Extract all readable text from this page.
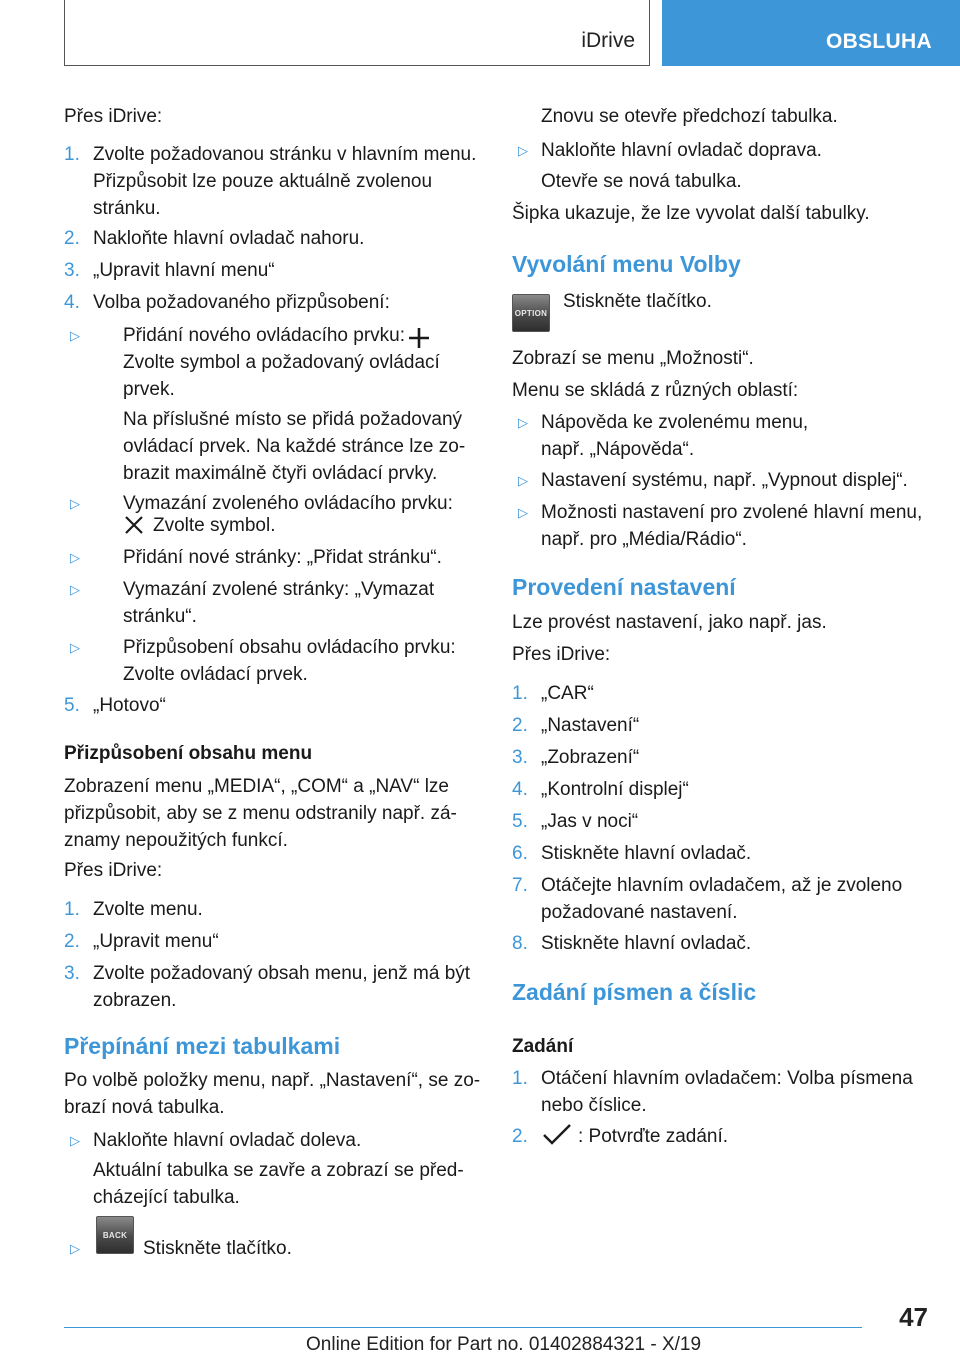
iDrive	OBSLUHA
Přes iDrive:
1. Zvolte požadovanou stránku v hlavním menu.
Přizpůsobit lze pouze aktuálně zvolenou
stránku.
2. Nakloňte hlavní ovladač nahoru.
3. „Upravit hlavní menu“
4. Volba požadovaného přizpůsobení:
▷ Přidání nového ovládacího prvku:
Zvolte symbol a požadovaný ovládací
prvek.
Na příslušné místo se přidá požadovaný
ovládací prvek. Na každé stránce lze zo-
brazit maximálně čtyři ovládací prvky.
▷ Vymazání zvoleného ovládacího prvku:
Zvolte symbol.
▷ Přidání nové stránky: „Přidat stránku“.
▷ Vymazání zvolené stránky: „Vymazat
stránku“.
▷ Přizpůsobení obsahu ovládacího prvku:
Zvolte ovládací prvek.
5. „Hotovo“
Přizpůsobení obsahu menu
Zobrazení menu „MEDIA“, „COM“ a „NAV“ lze
přizpůsobit, aby se z menu odstranily např. zá-
znamy nepoužitých funkcí.
Přes iDrive:
1. Zvolte menu.
2. „Upravit menu“
3. Zvolte požadovaný obsah menu, jenž má být
zobrazen.
Přepínání mezi tabulkami
Po volbě položky menu, např. „Nastavení“, se zo-
brazí nová tabulka.
▷ Nakloňte hlavní ovladač doleva.
Aktuální tabulka se zavře a zobrazí se před-
cházející tabulka.
▷
BACK
Stiskněte tlačítko.
Znovu se otevře předchozí tabulka.
▷ Nakloňte hlavní ovladač doprava.
Otevře se nová tabulka.
Šipka ukazuje, že lze vyvolat další tabulky.
Vyvolání menu Volby
OPTION
Stiskněte tlačítko.
Zobrazí se menu „Možnosti“.
Menu se skládá z různých oblastí:
▷ Nápověda ke zvolenému menu,
např. „Nápověda“.
▷ Nastavení systému, např. „Vypnout displej“.
▷ Možnosti nastavení pro zvolené hlavní menu,
např. pro „Média/Rádio“.
Provedení nastavení
Lze provést nastavení, jako např. jas.
Přes iDrive:
1. „CAR“
2. „Nastavení“
3. „Zobrazení“
4. „Kontrolní displej“
5. „Jas v noci“
6. Stiskněte hlavní ovladač.
7. Otáčejte hlavním ovladačem, až je zvoleno
požadované nastavení.
8. Stiskněte hlavní ovladač.
Zadání písmen a číslic
Zadání
1. Otáčení hlavním ovladačem: Volba písmena
nebo číslice.
2.	: Potvrďte zadání.
47
Online Edition for Part no. 01402884321 - X/19
